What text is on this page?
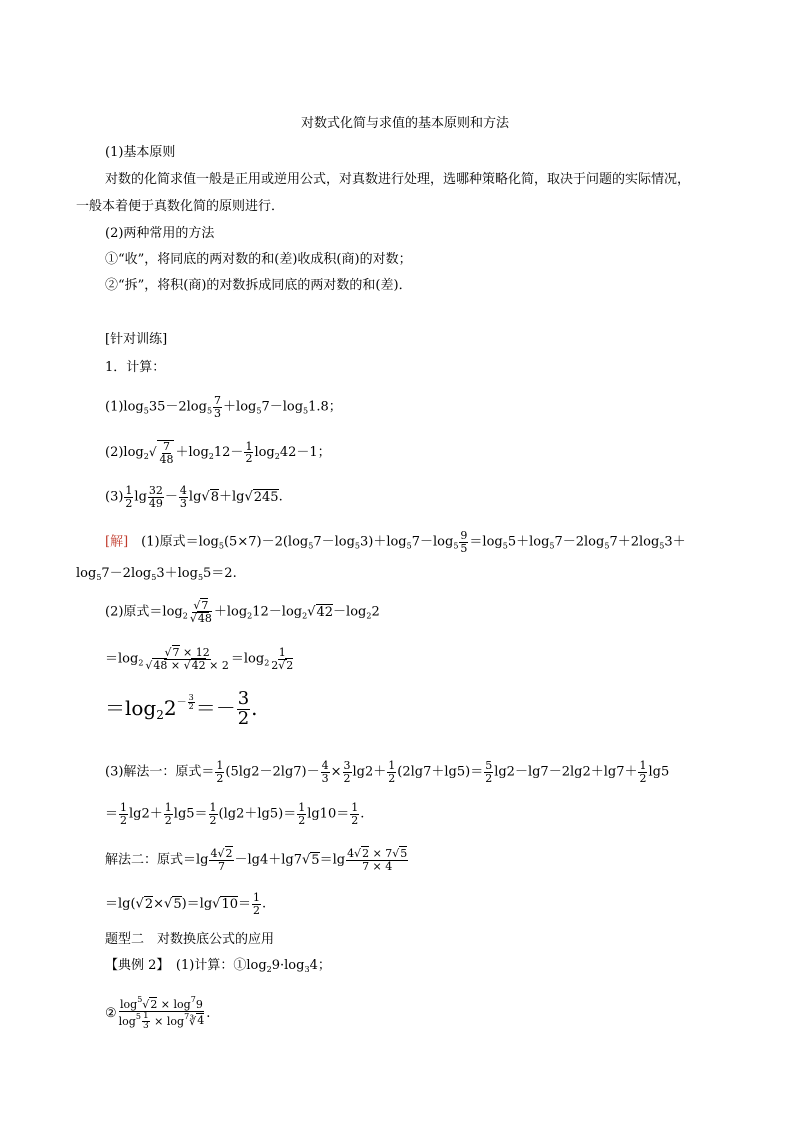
对数式化简与求值的基本原则和方法
(1)基本原则
对数的化简求值一般是正用或逆用公式，对真数进行处理，选哪种策略化简，取决于问题的实际情况，
一般本着便于真数化简的原则进行．
(2)两种常用的方法
①“收”，将同底的两对数的和(差)收成积(商)的对数；
②“拆”，将积(商)的对数拆成同底的两对数的和(差)．
[针对训练]
1．计算：
$(1)\log_535-2\log_5 \frac{7}{3} +\log_57-\log_51.8$；
$(2)\log_2√ \frac{7}{48} +\log_212- \frac{1}{2} \log_242-1$；
$(3) \frac{1}{2}$ $\lg \frac{32}{49} - \frac{4}{3} \lg√8+\lg√245$.
[解]　(1)原式$=\log_5(5\times 7)-2(\log_57-\log_53)+\log_57-\log_5 \frac{9}{5} =\log_55+\log_57-2\log_57+2\log_53+$
$\log_57-2\log_53+\log_55=2$.
(2)原式$=\log_2 \frac{√7}{√48} +\log_212-\log_2√42-\log_22$
$=\log_2 \frac{√7 \times 12}{√48 \times √42 \times 2} =\log_2 \frac{1}{2√2}$
$=\log_22^{- \frac{3}{2}} =- \frac{3}{2}$ .
(3)解法一：原式＝ $\frac{1}{2} (5\lg 2-2\lg 7)- \frac{4}{3} \times \frac{3}{2} \lg 2+ \frac{1}{2} (2\lg 7+\lg 5)= \frac{5}{2} \lg 2-\lg 7-2\lg 2+\lg 7+ \frac{1}{2} \lg 5$
＝ $\frac{1}{2} \lg 2+ \frac{1}{2} \lg 5= \frac{1}{2} (\lg 2+\lg 5)= \frac{1}{2} \lg 10= \frac{1}{2}$ .
解法二：原式$=\lg \frac{4√2}{7} -\lg 4+\lg 7√5=\lg \frac{4√2 \times 7√5}{7 \times 4}$
$=\lg(√2\times√5)=\lg√10= \frac{1}{2}$ .
题型二　对数换底公式的应用
【典例 2】　 (1)计算：$①\log_29\cdot\log_34$；
② $\frac{\log^5√2 \times \log^79}{\log^5 \frac{1}{3} \times \log^7∛4}$ .
